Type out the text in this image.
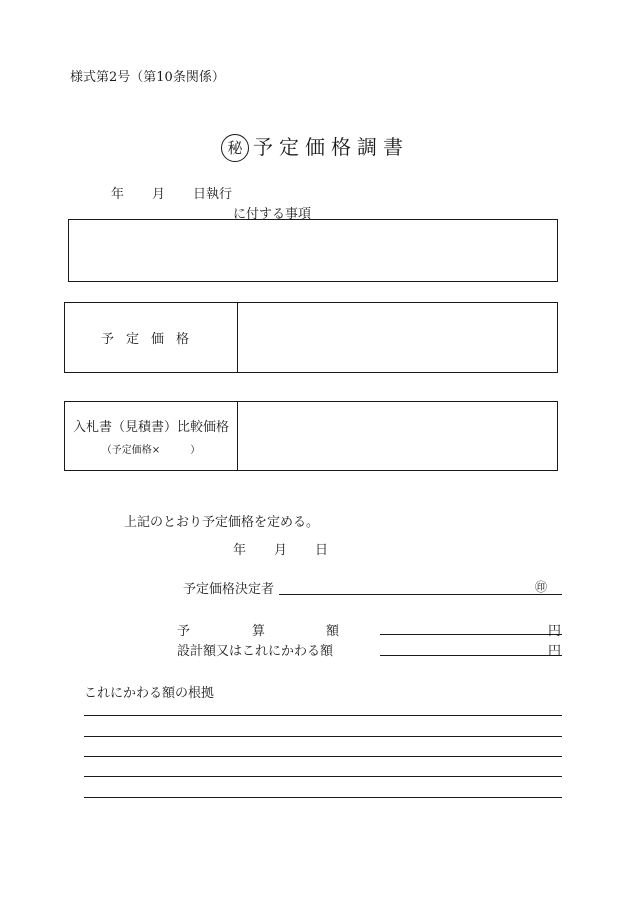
様式第2号（第10条関係）
秘 予定価格調書
年 月 日執行
に付する事項
予定価格
入札書（見積書）比較価格
（予定価格×	）
上記のとおり予定価格を定める。
年 月 日
予定価格決定者	㊞
予	算	額	円
設計額又はこれにかわる額	円
これにかわる額の根拠
